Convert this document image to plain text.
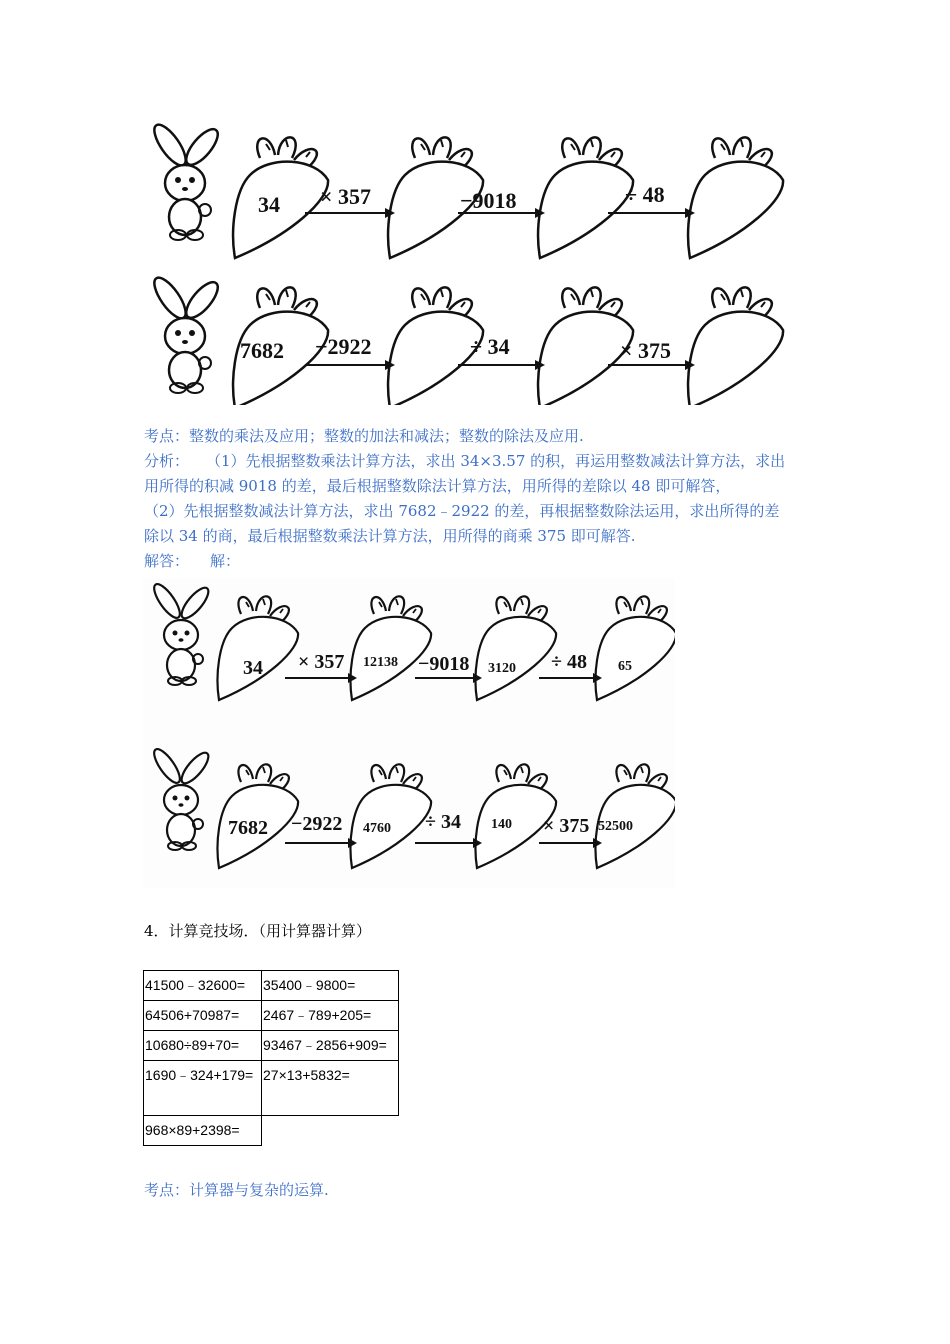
34 × 357	−9018	÷ 48
7682 −2922	÷ 34	× 375
考点：整数的乘法及应用；整数的加法和减法；整数的除法及应用.
分析： （1）先根据整数乘法计算方法，求出 34×3.57 的积，再运用整数减法计算方法，求出
用所得的积减 9018 的差，最后根据整数除法计算方法，用所得的差除以 48 即可解答，
（2）先根据整数减法计算方法，求出 7682﹣2922 的差，再根据整数除法运用，求出所得的差
除以 34 的商，最后根据整数乘法计算方法，用所得的商乘 375 即可解答.
解答： 解：
34 × 357	−9018	÷ 48
12138	3120	65
7682 −2922	÷ 34	× 375
4760	140	52500
4．计算竞技场．（用计算器计算）
41500﹣32600=	35400﹣9800=
64506+70987=	2467﹣789+205=
10680÷89+70=	93467﹣2856+909=
1690﹣324+179=	27×13+5832=
968×89+2398=	
考点：计算器与复杂的运算.
